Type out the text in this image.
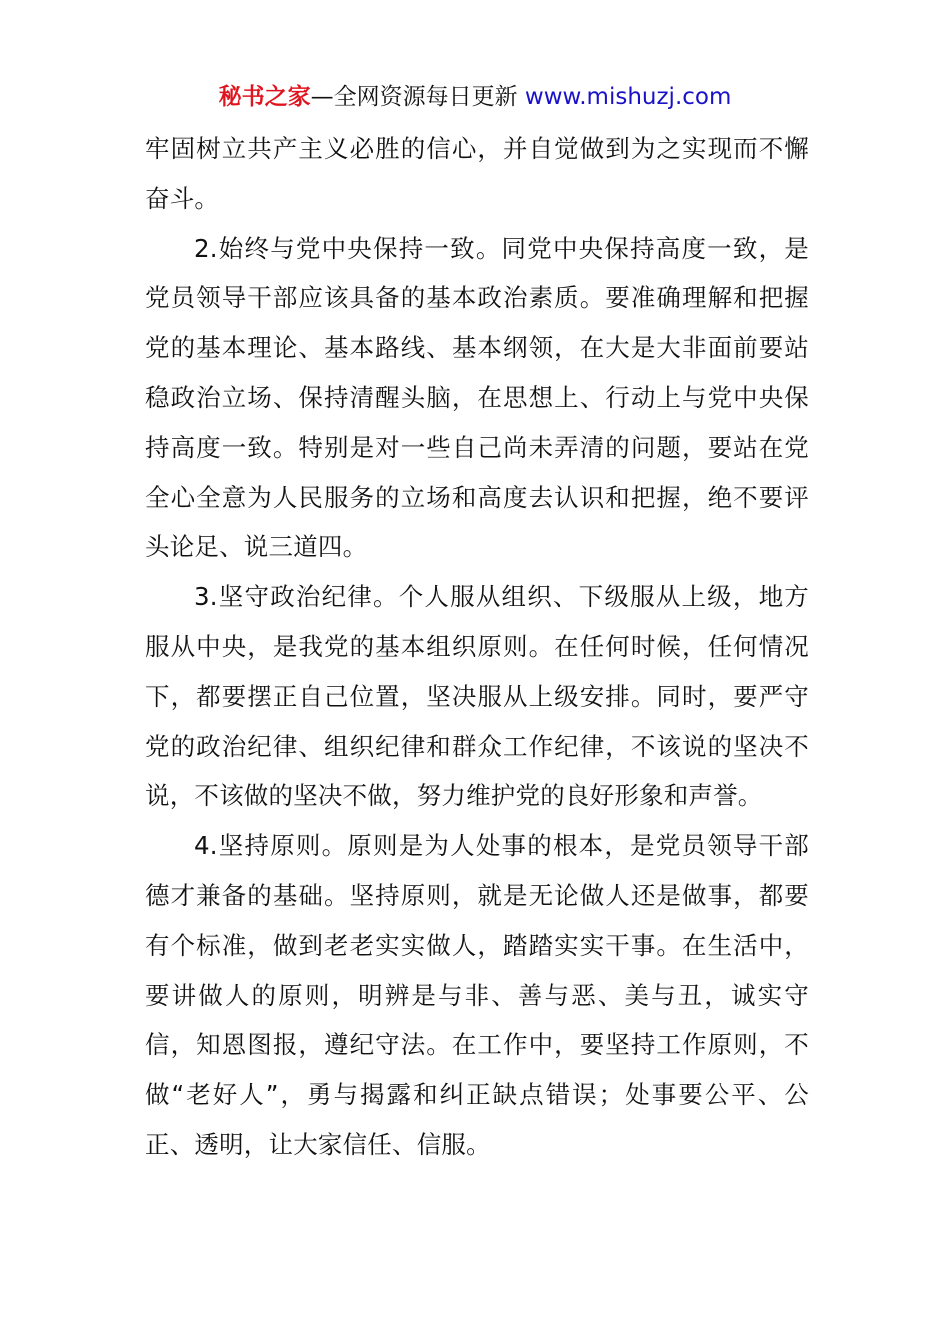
秘书之家—全网资源每日更新 www.mishuzj.com

牢固树立共产主义必胜的信心，并自觉做到为之实现而不懈奋斗。

2.始终与党中央保持一致。同党中央保持高度一致，是党员领导干部应该具备的基本政治素质。要准确理解和把握党的基本理论、基本路线、基本纲领，在大是大非面前要站稳政治立场、保持清醒头脑，在思想上、行动上与党中央保持高度一致。特别是对一些自己尚未弄清的问题，要站在党全心全意为人民服务的立场和高度去认识和把握，绝不要评头论足、说三道四。

3.坚守政治纪律。个人服从组织、下级服从上级，地方服从中央，是我党的基本组织原则。在任何时候，任何情况下，都要摆正自己位置，坚决服从上级安排。同时，要严守党的政治纪律、组织纪律和群众工作纪律，不该说的坚决不说，不该做的坚决不做，努力维护党的良好形象和声誉。

4.坚持原则。原则是为人处事的根本，是党员领导干部德才兼备的基础。坚持原则，就是无论做人还是做事，都要有个标准，做到老老实实做人，踏踏实实干事。在生活中，要讲做人的原则，明辨是与非、善与恶、美与丑，诚实守信，知恩图报，遵纪守法。在工作中，要坚持工作原则，不做“老好人”，勇与揭露和纠正缺点错误；处事要公平、公正、透明，让大家信任、信服。
